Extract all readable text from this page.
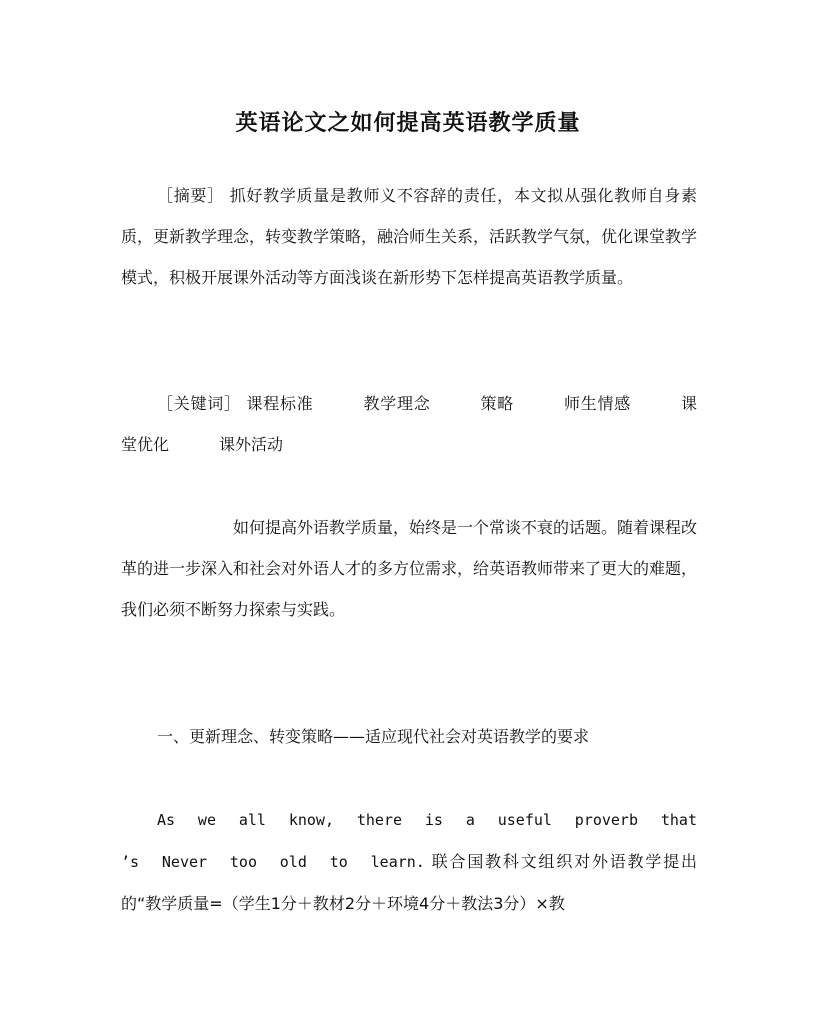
英语论文之如何提高英语教学质量
［摘要］ 抓好教学质量是教师义不容辞的责任，本文拟从强化教师自身素质，更新教学理念，转变教学策略，融洽师生关系，活跃教学气氛，优化课堂教学模式，积极开展课外活动等方面浅谈在新形势下怎样提高英语教学质量。
［关键词］ 课程标准	教学理念	策略	师生情感	课堂优化	课外活动
如何提高外语教学质量，始终是一个常谈不衰的话题。随着课程改革的进一步深入和社会对外语人才的多方位需求，给英语教师带来了更大的难题，我们必须不断努力探索与实践。
一、更新理念、转变策略——适应现代社会对英语教学的要求
As we all know, there is a useful proverb that ’s Never too old to learn. 联合国教科文组织对外语教学提出的“教学质量=（学生1分＋教材2分＋环境4分＋教法3分）×教
